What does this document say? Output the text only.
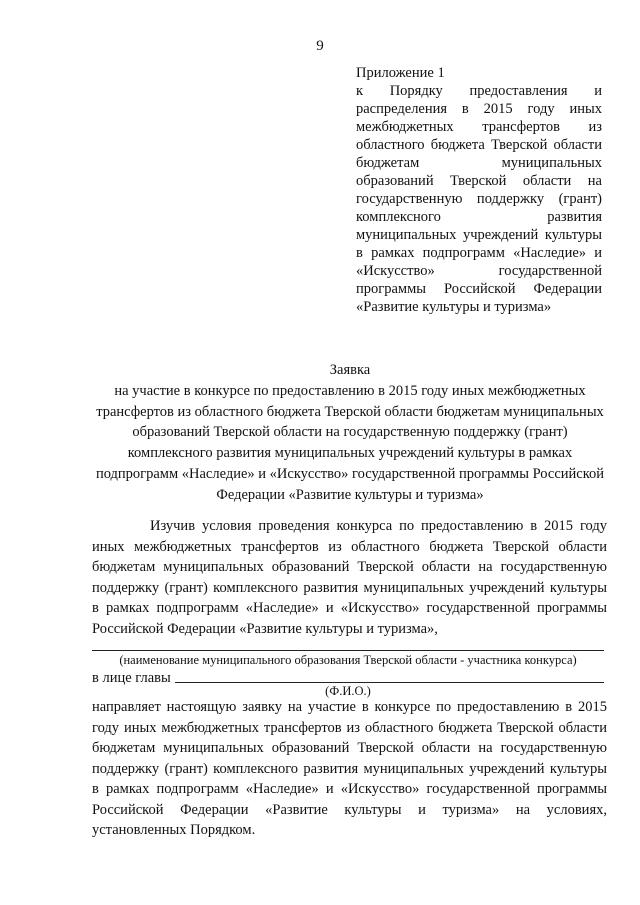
9
Приложение 1
к Порядку предоставления и распределения в 2015 году иных межбюджетных трансфертов из областного бюджета Тверской области бюджетам муниципальных образований Тверской области на государственную поддержку (грант) комплексного развития муниципальных учреждений культуры в рамках подпрограмм «Наследие» и «Искусство» государственной программы Российской Федерации «Развитие культуры и туризма»
Заявка
на участие в конкурсе по предоставлению в 2015 году иных межбюджетных трансфертов из областного бюджета Тверской области бюджетам муниципальных образований Тверской области на государственную поддержку (грант) комплексного развития муниципальных учреждений культуры в рамках подпрограмм «Наследие» и «Искусство» государственной программы Российской Федерации «Развитие культуры и туризма»
Изучив условия проведения конкурса по предоставлению в 2015 году иных межбюджетных трансфертов из областного бюджета Тверской области бюджетам муниципальных образований Тверской области на государственную поддержку (грант) комплексного развития муниципальных учреждений культуры в рамках подпрограмм «Наследие» и «Искусство» государственной программы Российской Федерации «Развитие культуры и туризма»,
(наименование муниципального образования Тверской области - участника конкурса)
в лице главы
(Ф.И.О.)
направляет настоящую заявку на участие в конкурсе по предоставлению в 2015 году иных межбюджетных трансфертов из областного бюджета Тверской области бюджетам муниципальных образований Тверской области на государственную поддержку (грант) комплексного развития муниципальных учреждений культуры в рамках подпрограмм «Наследие» и «Искусство» государственной программы Российской Федерации «Развитие культуры и туризма» на условиях, установленных Порядком.
